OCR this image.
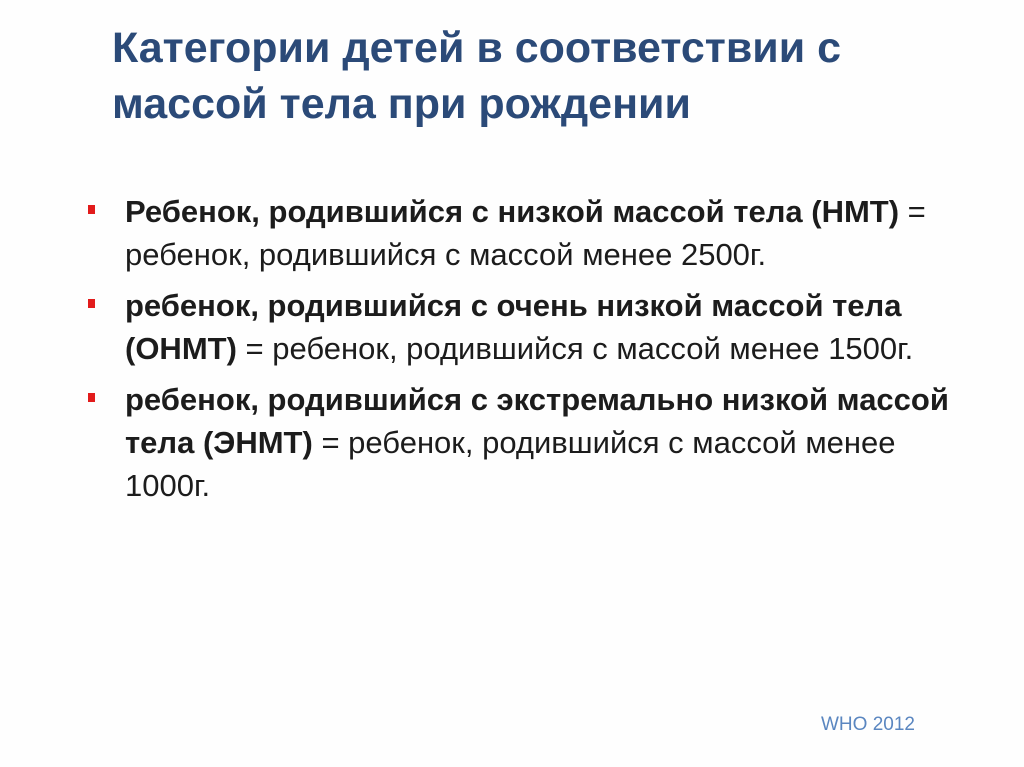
Категории детей в соответствии с
массой тела при рождении
Ребенок, родившийся с низкой массой тела (НМТ) = ребенок, родившийся с массой менее 2500г.
ребенок, родившийся с очень низкой массой тела (ОНМТ) = ребенок, родившийся с массой менее 1500г.
ребенок, родившийся с экстремально низкой массой тела (ЭНМТ) = ребенок, родившийся с массой менее 1000г.
WHO 2012
